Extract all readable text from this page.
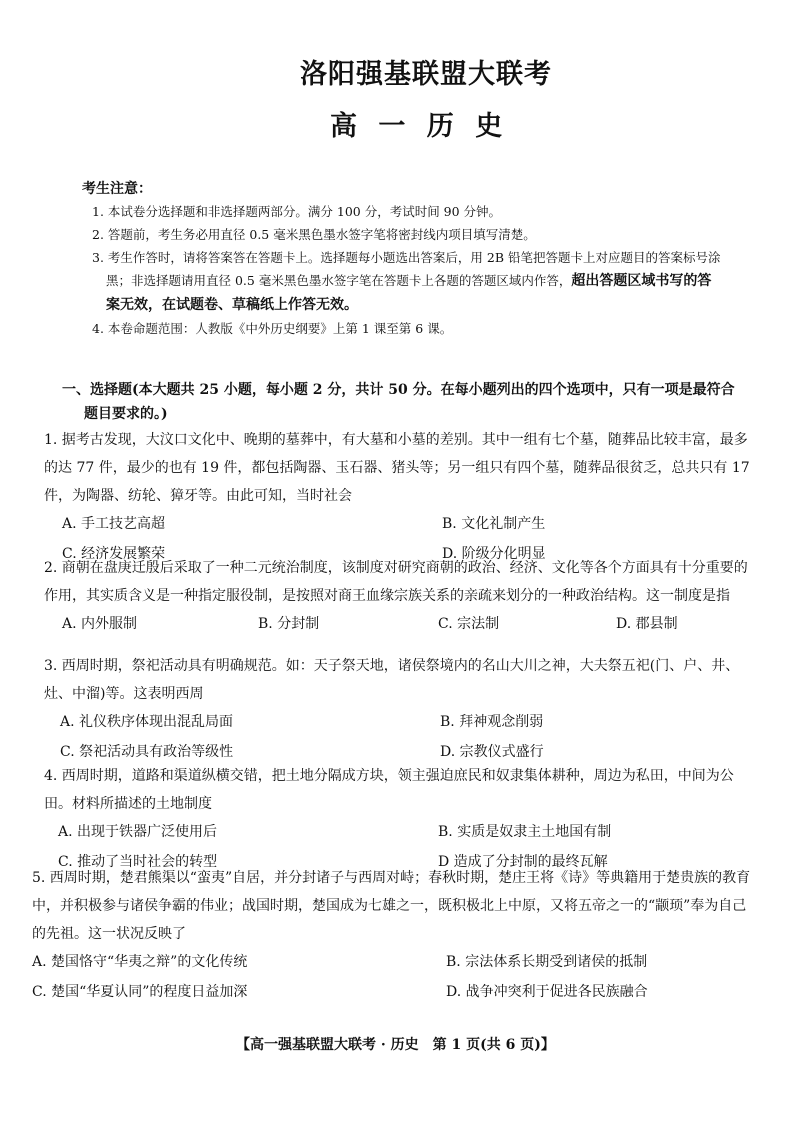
洛阳强基联盟大联考
高 一 历 史
考生注意：
1. 本试卷分选择题和非选择题两部分。满分 100 分，考试时间 90 分钟。
2. 答题前，考生务必用直径 0.5 毫米黑色墨水签字笔将密封线内项目填写清楚。
3. 考生作答时，请将答案答在答题卡上。选择题每小题选出答案后，用 2B 铅笔把答题卡上对应题目的答案标号涂黑；非选择题请用直径 0.5 毫米黑色墨水签字笔在答题卡上各题的答题区域内作答，超出答题区域书写的答案无效，在试题卷、草稿纸上作答无效。
4. 本卷命题范围：人教版《中外历史纲要》上第 1 课至第 6 课。
一、选择题(本大题共 25 小题，每小题 2 分，共计 50 分。在每小题列出的四个选项中，只有一项是最符合
题目要求的。)
1. 据考古发现，大汶口文化中、晚期的墓葬中，有大墓和小墓的差别。其中一组有七个墓，随葬品比较丰富，最多的达 77 件，最少的也有 19 件，都包括陶器、玉石器、猪头等；另一组只有四个墓，随葬品很贫乏，总共只有 17 件，为陶器、纺轮、獐牙等。由此可知，当时社会
A. 手工技艺高超	B. 文化礼制产生
C. 经济发展繁荣	D. 阶级分化明显
2. 商朝在盘庚迁殷后采取了一种二元统治制度，该制度对研究商朝的政治、经济、文化等各个方面具有十分重要的作用，其实质含义是一种指定服役制，是按照对商王血缘宗族关系的亲疏来划分的一种政治结构。这一制度是指
A. 内外服制	B. 分封制	C. 宗法制	D. 郡县制
3. 西周时期，祭祀活动具有明确规范。如：天子祭天地，诸侯祭境内的名山大川之神，大夫祭五祀(门、户、井、灶、中溜)等。这表明西周
A. 礼仪秩序体现出混乱局面	B. 拜神观念削弱
C. 祭祀活动具有政治等级性	D. 宗教仪式盛行
4. 西周时期，道路和渠道纵横交错，把土地分隔成方块，领主强迫庶民和奴隶集体耕种，周边为私田，中间为公田。材料所描述的土地制度
A. 出现于铁器广泛使用后	B. 实质是奴隶主土地国有制
C. 推动了当时社会的转型	D 造成了分封制的最终瓦解
5. 西周时期，楚君熊渠以“蛮夷”自居，并分封诸子与西周对峙；春秋时期，楚庄王将《诗》等典籍用于楚贵族的教育中，并积极参与诸侯争霸的伟业；战国时期，楚国成为七雄之一，既积极北上中原，又将五帝之一的“颛顼”奉为自己的先祖。这一状况反映了
A. 楚国恪守“华夷之辩”的文化传统	B. 宗法体系长期受到诸侯的抵制
C. 楚国“华夏认同”的程度日益加深	D. 战争冲突利于促进各民族融合
【高一强基联盟大联考 · 历史　第 1 页(共 6 页)】
